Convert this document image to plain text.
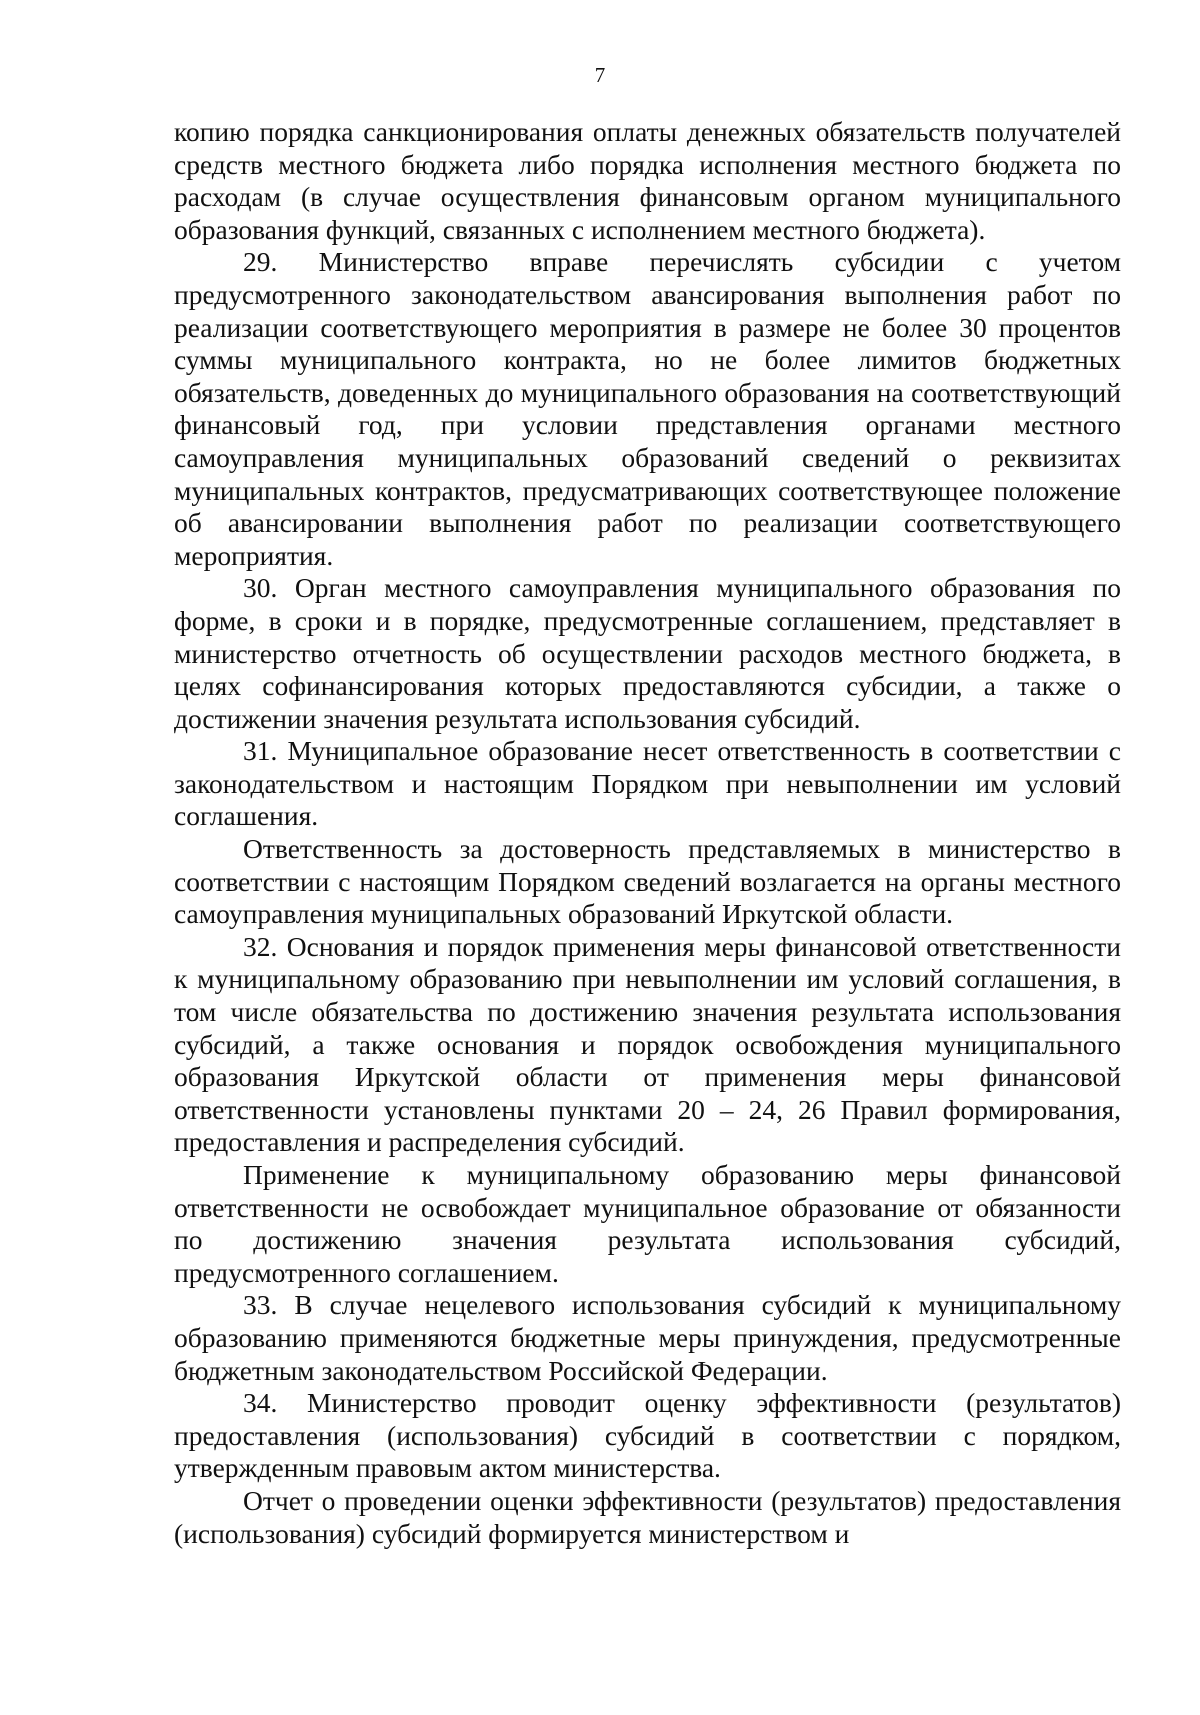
7

копию порядка санкционирования оплаты денежных обязательств получателей средств местного бюджета либо порядка исполнения местного бюджета по расходам (в случае осуществления финансовым органом муниципального образования функций, связанных с исполнением местного бюджета).

29. Министерство вправе перечислять субсидии с учетом предусмотренного законодательством авансирования выполнения работ по реализации соответствующего мероприятия в размере не более 30 процентов суммы муниципального контракта, но не более лимитов бюджетных обязательств, доведенных до муниципального образования на соответствующий финансовый год, при условии представления органами местного самоуправления муниципальных образований сведений о реквизитах муниципальных контрактов, предусматривающих соответствующее положение об авансировании выполнения работ по реализации соответствующего мероприятия.

30. Орган местного самоуправления муниципального образования по форме, в сроки и в порядке, предусмотренные соглашением, представляет в министерство отчетность об осуществлении расходов местного бюджета, в целях софинансирования которых предоставляются субсидии, а также о достижении значения результата использования субсидий.

31. Муниципальное образование несет ответственность в соответствии с законодательством и настоящим Порядком при невыполнении им условий соглашения.

Ответственность за достоверность представляемых в министерство в соответствии с настоящим Порядком сведений возлагается на органы местного самоуправления муниципальных образований Иркутской области.

32. Основания и порядок применения меры финансовой ответственности к муниципальному образованию при невыполнении им условий соглашения, в том числе обязательства по достижению значения результата использования субсидий, а также основания и порядок освобождения муниципального образования Иркутской области от применения меры финансовой ответственности установлены пунктами 20 – 24, 26 Правил формирования, предоставления и распределения субсидий.

Применение к муниципальному образованию меры финансовой ответственности не освобождает муниципальное образование от обязанности по достижению значения результата использования субсидий, предусмотренного соглашением.

33. В случае нецелевого использования субсидий к муниципальному образованию применяются бюджетные меры принуждения, предусмотренные бюджетным законодательством Российской Федерации.

34. Министерство проводит оценку эффективности (результатов) предоставления (использования) субсидий в соответствии с порядком, утвержденным правовым актом министерства.

Отчет о проведении оценки эффективности (результатов) предоставления (использования) субсидий формируется министерством и
